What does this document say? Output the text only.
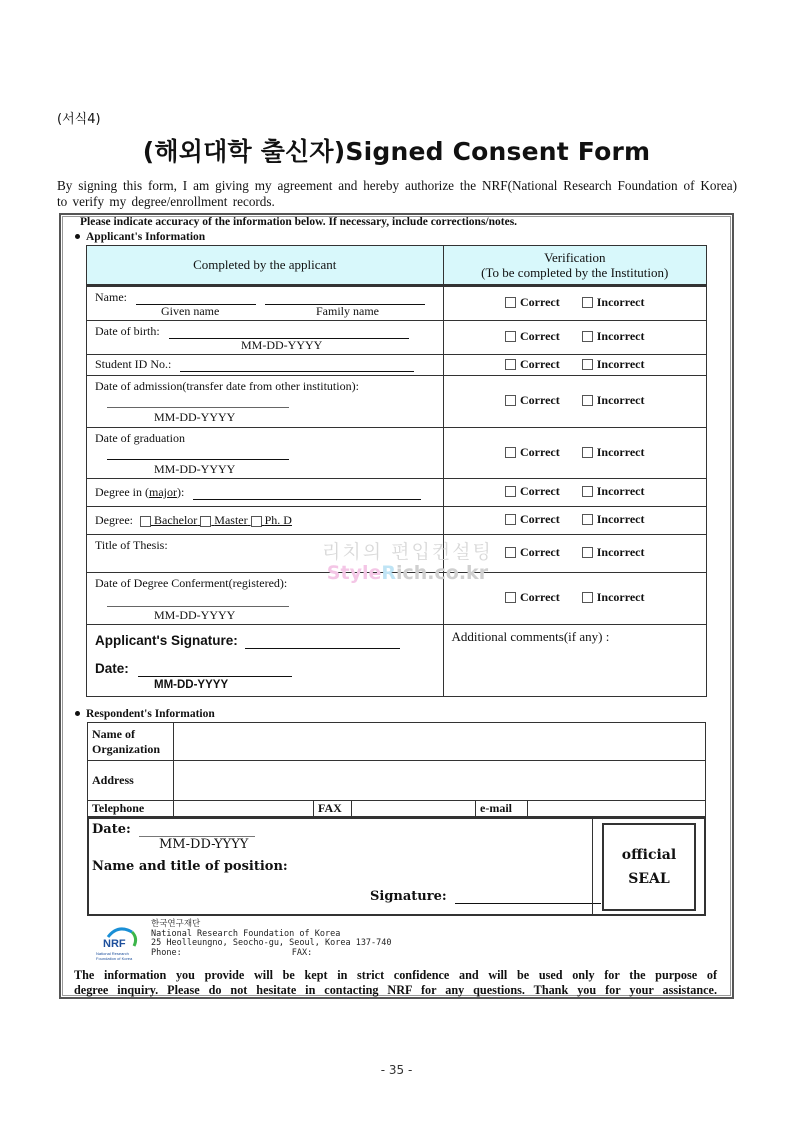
(서식4)
(해외대학 출신자)Signed Consent Form
By signing this form, I am giving my agreement and hereby authorize the NRF(National Research Foundation of Korea) to verify my degree/enrollment records.
Please indicate accuracy of the information below. If necessary, include corrections/notes.
Applicant's Information
Completed by the applicant	Verification
(To be completed by the Institution)

Name:
Given name Family name	Correct Incorrect

Date of birth:
MM-DD-YYYY	Correct Incorrect

Student ID No.:	Correct Incorrect

Date of admission(transfer date from other institution):
MM-DD-YYYY	Correct Incorrect

Date of graduation
MM-DD-YYYY	Correct Incorrect

Degree in (major):	Correct Incorrect

Degree: Bachelor Master Ph. D	Correct Incorrect

Title of Thesis:	Correct Incorrect

Date of Degree Conferment(registered):
MM-DD-YYYY	Correct Incorrect

Applicant's Signature:
Date:
MM-DD-YYYY	Additional comments(if any) :
리치의 편입컨설팅
StyleRich.co.kr
Respondent's Information
Name of
Organization					

Address					
Telephone		FAX		e-mail	
Date:
MM-DD-YYYY
Name and title of position:
Signature:
official
SEAL
NRF
National Research
Foundation of Korea
한국연구재단
National Research Foundation of Korea
25 Heolleungno, Seocho-gu, Seoul, Korea 137-740
Phone:	FAX:
The information you provide will be kept in strict confidence and will be used only for the purpose of
degree inquiry. Please do not hesitate in contacting NRF for any questions. Thank you for your assistance.
- 35 -
